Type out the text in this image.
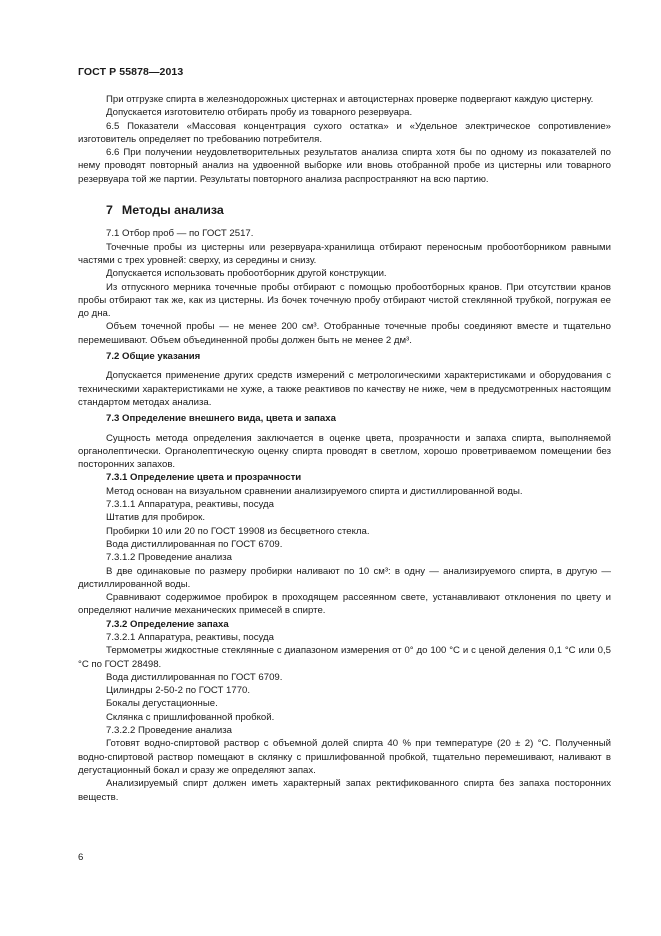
ГОСТ Р 55878—2013

При отгрузке спирта в железнодорожных цистернах и автоцистернах проверке подвергают каждую цистерну.

Допускается изготовителю отбирать пробу из товарного резервуара.

6.5 Показатели «Массовая концентрация сухого остатка» и «Удельное электрическое сопротивление» изготовитель определяет по требованию потребителя.

6.6 При получении неудовлетворительных результатов анализа спирта хотя бы по одному из показателей по нему проводят повторный анализ на удвоенной выборке или вновь отобранной пробе из цистерны или товарного резервуара той же партии. Результаты повторного анализа распространяют на всю партию.

7 Методы анализа

7.1 Отбор проб — по ГОСТ 2517.

Точечные пробы из цистерны или резервуара-хранилища отбирают переносным пробоотборником равными частями с трех уровней: сверху, из середины и снизу.

Допускается использовать пробоотборник другой конструкции.

Из отпускного мерника точечные пробы отбирают с помощью пробоотборных кранов. При отсутствии кранов пробы отбирают так же, как из цистерны. Из бочек точечную пробу отбирают чистой стеклянной трубкой, погружая ее до дна.

Объем точечной пробы — не менее 200 см³. Отобранные точечные пробы соединяют вместе и тщательно перемешивают. Объем объединенной пробы должен быть не менее 2 дм³.

7.2 Общие указания

Допускается применение других средств измерений с метрологическими характеристиками и оборудования с техническими характеристиками не хуже, а также реактивов по качеству не ниже, чем в предусмотренных настоящим стандартом методах анализа.

7.3 Определение внешнего вида, цвета и запаха

Сущность метода определения заключается в оценке цвета, прозрачности и запаха спирта, выполняемой органолептически. Органолептическую оценку спирта проводят в светлом, хорошо проветриваемом помещении без посторонних запахов.

7.3.1 Определение цвета и прозрачности

Метод основан на визуальном сравнении анализируемого спирта и дистиллированной воды.

7.3.1.1 Аппаратура, реактивы, посуда

Штатив для пробирок.

Пробирки 10 или 20 по ГОСТ 19908 из бесцветного стекла.

Вода дистиллированная по ГОСТ 6709.

7.3.1.2 Проведение анализа

В две одинаковые по размеру пробирки наливают по 10 см³: в одну — анализируемого спирта, в другую — дистиллированной воды.

Сравнивают содержимое пробирок в проходящем рассеянном свете, устанавливают отклонения по цвету и определяют наличие механических примесей в спирте.

7.3.2 Определение запаха

7.3.2.1 Аппаратура, реактивы, посуда

Термометры жидкостные стеклянные с диапазоном измерения от 0° до 100 °С и с ценой деления 0,1 °С или 0,5 °С по ГОСТ 28498.

Вода дистиллированная по ГОСТ 6709.

Цилиндры 2-50-2 по ГОСТ 1770.

Бокалы дегустационные.

Склянка с пришлифованной пробкой.

7.3.2.2 Проведение анализа

Готовят водно-спиртовой раствор с объемной долей спирта 40 % при температуре (20 ± 2) °С. Полученный водно-спиртовой раствор помещают в склянку с пришлифованной пробкой, тщательно перемешивают, наливают в дегустационный бокал и сразу же определяют запах.

Анализируемый спирт должен иметь характерный запах ректификованного спирта без запаха посторонних веществ.

6
